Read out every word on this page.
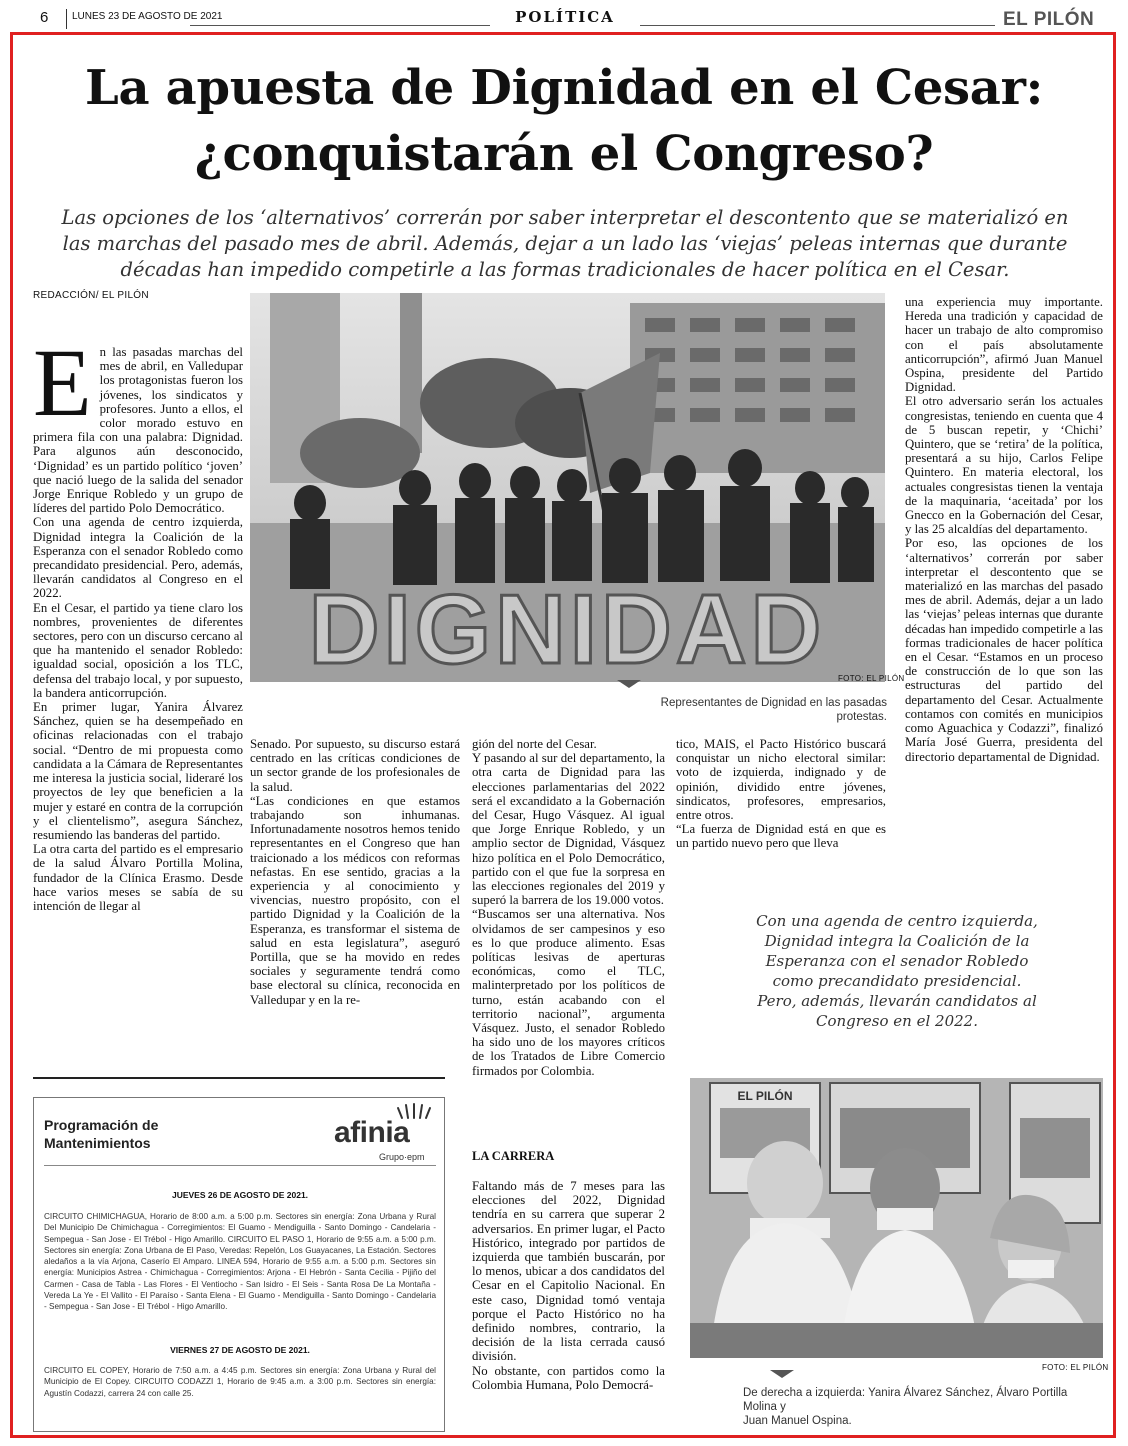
6 LUNES 23 DE AGOSTO DE 2021	POLÍTICA	EL PILÓN
La apuesta de Dignidad en el Cesar:
¿conquistarán el Congreso?
Las opciones de los ‘alternativos’ correrán por saber interpretar el descontento que se materializó en
las marchas del pasado mes de abril. Además, dejar a un lado las ‘viejas’ peleas internas que durante
décadas han impedido competirle a las formas tradicionales de hacer política en el Cesar.
REDACCIÓN/ EL PILÓN

En las pasadas marchas del mes de abril, en Valledupar los protagonistas fueron los jóvenes, los sindicatos y profesores. Junto a ellos, el color morado estuvo en primera fila con una palabra: Dignidad. Para algunos aún desconocido, ‘Dignidad’ es un partido político ‘joven’ que nació luego de la salida del senador Jorge Enrique Robledo y un grupo de líderes del partido Polo Democrático.

Con una agenda de centro izquierda, Dignidad integra la Coalición de la Esperanza con el senador Robledo como precandidato presidencial. Pero, además, llevarán candidatos al Congreso en el 2022.

En el Cesar, el partido ya tiene claro los nombres, provenientes de diferentes sectores, pero con un discurso cercano al que ha mantenido el senador Robledo: igualdad social, oposición a los TLC, defensa del trabajo local, y por supuesto, la bandera anticorrupción.

En primer lugar, Yanira Álvarez Sánchez, quien se ha desempeñado en oficinas relacionadas con el trabajo social. “Dentro de mi propuesta como candidata a la Cámara de Representantes me interesa la justicia social, lideraré los proyectos de ley que beneficien a la mujer y estaré en contra de la corrupción y el clientelismo”, asegura Sánchez, resumiendo las banderas del partido.

La otra carta del partido es el empresario de la salud Álvaro Portilla Molina, fundador de la Clínica Erasmo. Desde hace varios meses se sabía de su intención de llegar al

DIGNIDAD FOTO: EL PILÓN
Representantes de Dignidad en las pasadas protestas.

Senado. Por supuesto, su discurso estará centrado en las críticas condiciones de un sector grande de los profesionales de la salud.

“Las condiciones en que estamos trabajando son inhumanas. Infortunadamente nosotros hemos tenido representantes en el Congreso que han traicionado a los médicos con reformas nefastas. En ese sentido, gracias a la experiencia y al conocimiento y vivencias, nuestro propósito, con el partido Dignidad y la Coalición de la Esperanza, es transformar el sistema de salud en esta legislatura”, aseguró Portilla, que se ha movido en redes sociales y seguramente tendrá como base electoral su clínica, reconocida en Valledupar y en la re-

gión del norte del Cesar.

Y pasando al sur del departamento, la otra carta de Dignidad para las elecciones parlamentarias del 2022 será el excandidato a la Gobernación del Cesar, Hugo Vásquez. Al igual que Jorge Enrique Robledo, y un amplio sector de Dignidad, Vásquez hizo política en el Polo Democrático, partido con el que fue la sorpresa en las elecciones regionales del 2019 y superó la barrera de los 19.000 votos.

“Buscamos ser una alternativa. Nos olvidamos de ser campesinos y eso es lo que produce alimento. Esas políticas lesivas de aperturas económicas, como el TLC, malinterpretado por los políticos de turno, están acabando con el territorio nacional”, argumenta Vásquez. Justo, el senador Robledo ha sido uno de los mayores críticos de los Tratados de Libre Comercio firmados por Colombia.

LA CARRERA

Faltando más de 7 meses para las elecciones del 2022, Dignidad tendría en su carrera que superar 2 adversarios. En primer lugar, el Pacto Histórico, integrado por partidos de izquierda que también buscarán, por lo menos, ubicar a dos candidatos del Cesar en el Capitolio Nacional. En este caso, Dignidad tomó ventaja porque el Pacto Histórico no ha definido nombres, contrario, la decisión de la lista cerrada causó división.

No obstante, con partidos como la Colombia Humana, Polo Democrá-

tico, MAIS, el Pacto Histórico buscará conquistar un nicho electoral similar: voto de izquierda, indignado y de opinión, dividido entre jóvenes, sindicatos, profesores, empresarios, entre otros.

“La fuerza de Dignidad está en que es un partido nuevo pero que lleva

una experiencia muy importante. Hereda una tradición y capacidad de hacer un trabajo de alto compromiso con el país absolutamente anticorrupción”, afirmó Juan Manuel Ospina, presidente del Partido Dignidad.

El otro adversario serán los actuales congresistas, teniendo en cuenta que 4 de 5 buscan repetir, y ‘Chichi’ Quintero, que se ‘retira’ de la política, presentará a su hijo, Carlos Felipe Quintero. En materia electoral, los actuales congresistas tienen la ventaja de la maquinaria, ‘aceitada’ por los Gnecco en la Gobernación del Cesar, y las 25 alcaldías del departamento.

Por eso, las opciones de los ‘alternativos’ correrán por saber interpretar el descontento que se materializó en las marchas del pasado mes de abril. Además, dejar a un lado las ‘viejas’ peleas internas que durante décadas han impedido competirle a las formas tradicionales de hacer política en el Cesar. “Estamos en un proceso de construcción de lo que son las estructuras del partido del departamento del Cesar. Actualmente contamos con comités en municipios como Aguachica y Codazzi”, finalizó María José Guerra, presidenta del directorio departamental de Dignidad.

Con una agenda de centro izquierda,
Dignidad integra la Coalición de la
Esperanza con el senador Robledo
como precandidato presidencial.
Pero, además, llevarán candidatos al
Congreso en el 2022.
EL PILÓN
FOTO: EL PILÓN
De derecha a izquierda: Yanira Álvarez Sánchez, Álvaro Portilla Molina y
Juan Manuel Ospina.
Programación de
Mantenimientos	afinia
Grupo·epm
JUEVES 26 DE AGOSTO DE 2021.
CIRCUITO CHIMICHAGUA, Horario de 8:00 a.m. a 5:00 p.m. Sectores sin energía: Zona Urbana y Rural Del Municipio De Chimichagua - Corregimientos: El Guamo - Mendiguilla - Santo Domingo - Candelaria - Sempegua - San Jose - El Trébol - Higo Amarillo. CIRCUITO EL PASO 1, Horario de 9:55 a.m. a 5:00 p.m. Sectores sin energía: Zona Urbana de El Paso, Veredas: Repelón, Los Guayacanes, La Estación. Sectores aledaños a la vía Arjona, Caserío El Amparo. LINEA 594, Horario de 9:55 a.m. a 5:00 p.m. Sectores sin energía: Municipios Astrea - Chimichagua - Corregimientos: Arjona - El Hebrón - Santa Cecilia - Pijiño del Carmen - Casa de Tabla - Las Flores - El Ventiocho - San Isidro - El Seis - Santa Rosa De La Montaña - Vereda La Ye - El Vallito - El Paraíso - Santa Elena - El Guamo - Mendiguilla - Santo Domingo - Candelaria - Sempegua - San Jose - El Trébol - Higo Amarillo.
VIERNES 27 DE AGOSTO DE 2021.
CIRCUITO EL COPEY, Horario de 7:50 a.m. a 4:45 p.m. Sectores sin energía: Zona Urbana y Rural del Municipio de El Copey. CIRCUITO CODAZZI 1, Horario de 9:45 a.m. a 3:00 p.m. Sectores sin energía: Agustín Codazzi, carrera 24 con calle 25.
